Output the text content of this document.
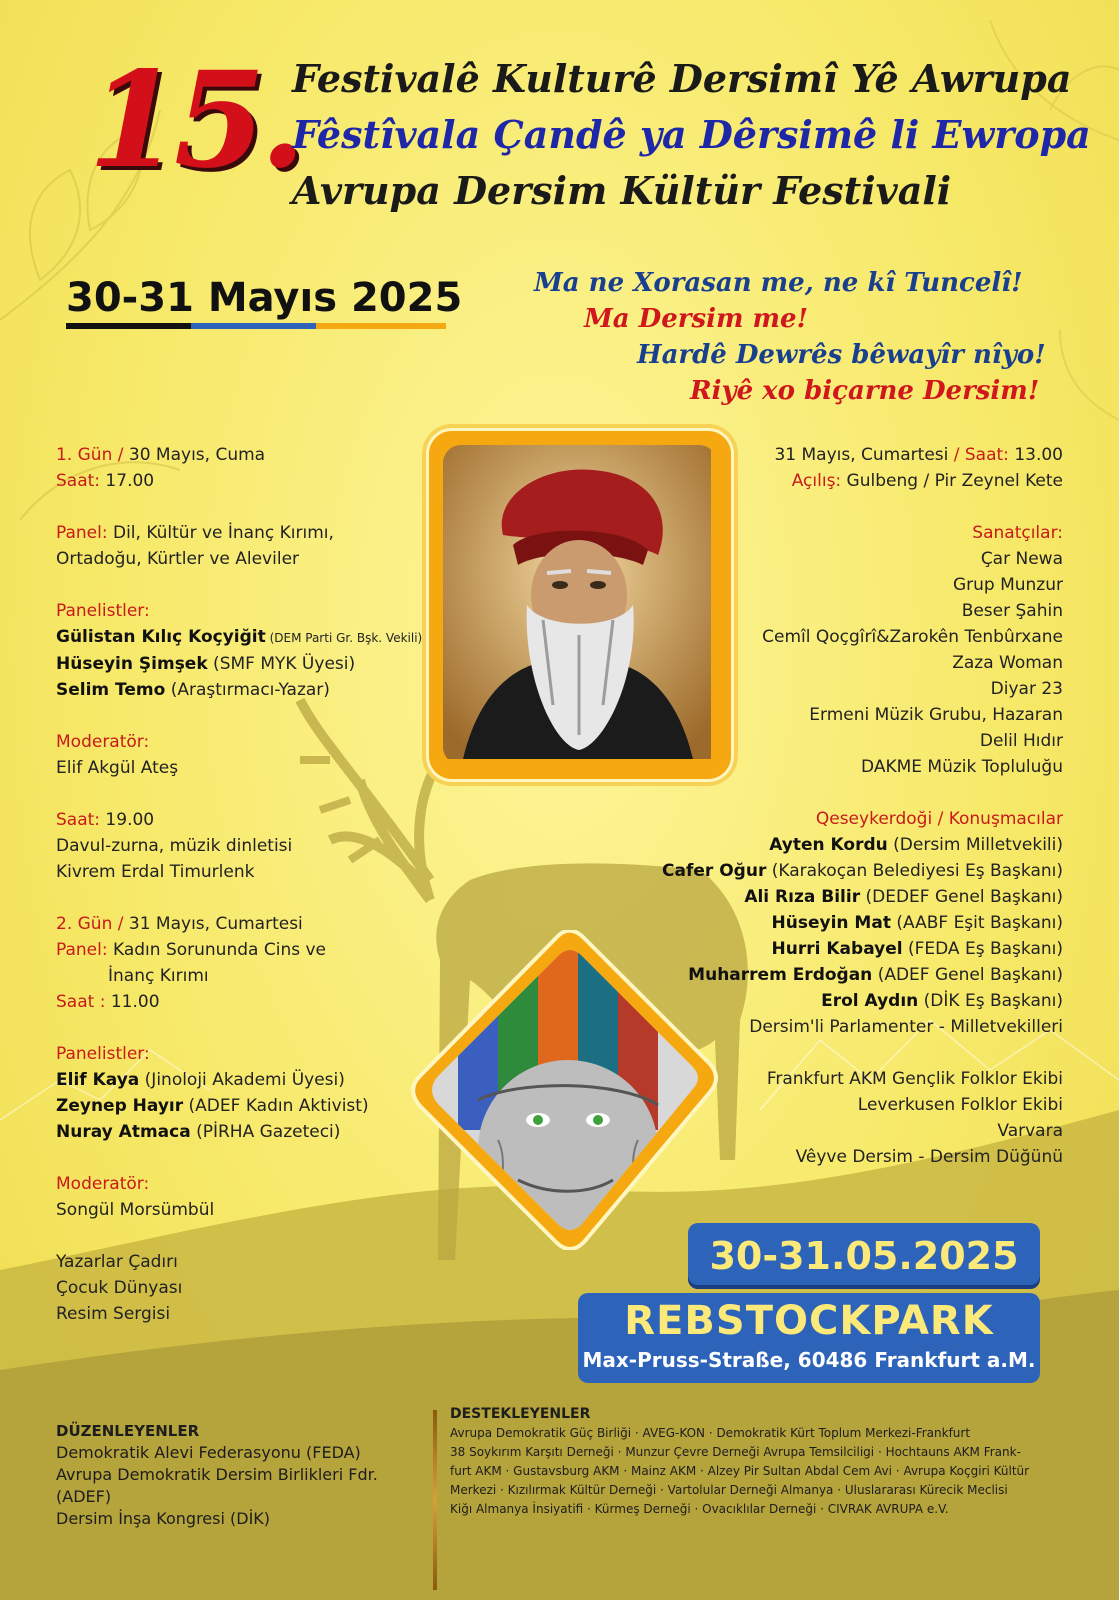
15.
Festivalê Kulturê Dersimî Yê Awrupa
Fêstîvala Çandê ya Dêrsimê li Ewropa
Avrupa Dersim Kültür Festivali
30-31 Mayıs 2025	Ma ne Xorasan me, ne kî Tuncelî!
Ma Dersim me!
Hardê Dewrês bêwayîr nîyo!
Riyê xo biçarne Dersim!
1. Gün / 30 Mayıs, Cuma
Saat: 17.00
Panel: Dil, Kültür ve İnanç Kırımı,
Ortadoğu, Kürtler ve Aleviler
Panelistler:
Gülistan Kılıç Koçyiğit (DEM Parti Gr. Bşk. Vekili)
Hüseyin Şimşek (SMF MYK Üyesi)
Selim Temo (Araştırmacı-Yazar)
Moderatör:
Elif Akgül Ateş
Saat: 19.00
Davul-zurna, müzik dinletisi
Kivrem Erdal Timurlenk
2. Gün / 31 Mayıs, Cumartesi
Panel: Kadın Sorununda Cins ve
İnanç Kırımı
Saat : 11.00
Panelistler:
Elif Kaya (Jinoloji Akademi Üyesi)
Zeynep Hayır (ADEF Kadın Aktivist)
Nuray Atmaca (PİRHA Gazeteci)
Moderatör:
Songül Morsümbül
Yazarlar Çadırı
Çocuk Dünyası
Resim Sergisi
31 Mayıs, Cumartesi / Saat: 13.00
Açılış: Gulbeng / Pir Zeynel Kete
Sanatçılar:
Çar Newa
Grup Munzur
Beser Şahin
Cemîl Qoçgîrî&Zarokên Tenbûrxane
Zaza Woman
Diyar 23
Ermeni Müzik Grubu, Hazaran
Delil Hıdır
DAKME Müzik Topluluğu
Qeseykerdoği / Konuşmacılar
Ayten Kordu (Dersim Milletvekili)
Cafer Oğur (Karakoçan Belediyesi Eş Başkanı)
Ali Rıza Bilir (DEDEF Genel Başkanı)
Hüseyin Mat (AABF Eşit Başkanı)
Hurri Kabayel (FEDA Eş Başkanı)
Muharrem Erdoğan (ADEF Genel Başkanı)
Erol Aydın (DİK Eş Başkanı)
Dersim'li Parlamenter - Milletvekilleri
Frankfurt AKM Gençlik Folklor Ekibi
Leverkusen Folklor Ekibi
Varvara
Vêyve Dersim - Dersim Düğünü
30-31.05.2025
REBSTOCKPARK
Max-Pruss-Straße, 60486 Frankfurt a.M.
DÜZENLEYENLER
Demokratik Alevi Federasyonu (FEDA)
Avrupa Demokratik Dersim Birlikleri Fdr. (ADEF)
Dersim İnşa Kongresi (DİK)
DESTEKLEYENLER
Avrupa Demokratik Güç Birliği · AVEG-KON · Demokratik Kürt Toplum Merkezi-Frankfurt
38 Soykırım Karşıtı Derneği · Munzur Çevre Derneği Avrupa Temsilciligi · Hochtauns AKM Frank-
furt AKM · Gustavsburg AKM · Mainz AKM · Alzey Pir Sultan Abdal Cem Avi · Avrupa Koçgiri Kültür
Merkezi · Kızılırmak Kültür Derneği · Vartolular Derneği Almanya · Uluslararası Kürecik Meclisi
Kiğı Almanya İnsiyatifi · Kürmeş Derneği · Ovacıklılar Derneği · CIVRAK AVRUPA e.V.
